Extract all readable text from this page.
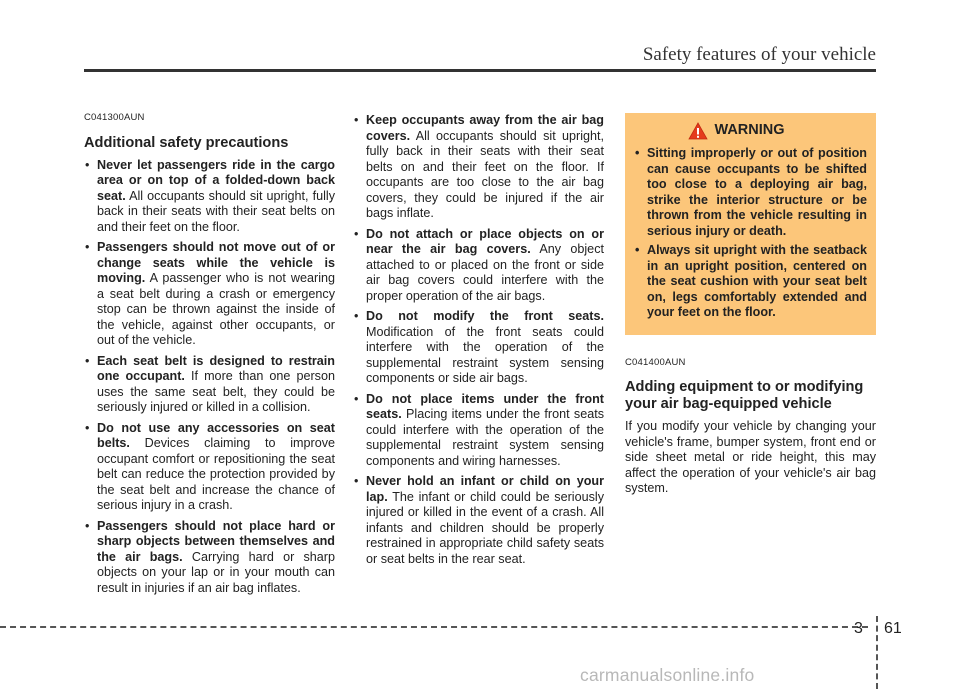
Safety features of your vehicle
C041300AUN
Additional safety precautions
• Never let passengers ride in the cargo area or on top of a folded-down back seat. All occupants should sit upright, fully back in their seats with their seat belts on and their feet on the floor.
• Passengers should not move out of or change seats while the vehicle is moving. A passenger who is not wearing a seat belt during a crash or emergency stop can be thrown against the inside of the vehicle, against other occupants, or out of the vehicle.
• Each seat belt is designed to restrain one occupant. If more than one person uses the same seat belt, they could be seriously injured or killed in a collision.
• Do not use any accessories on seat belts. Devices claiming to improve occupant comfort or repositioning the seat belt can reduce the protection provided by the seat belt and increase the chance of serious injury in a crash.
• Passengers should not place hard or sharp objects between themselves and the air bags. Carrying hard or sharp objects on your lap or in your mouth can result in injuries if an air bag inflates.
• Keep occupants away from the air bag covers. All occupants should sit upright, fully back in their seats with their seat belts on and their feet on the floor. If occupants are too close to the air bag covers, they could be injured if the air bags inflate.
• Do not attach or place objects on or near the air bag covers. Any object attached to or placed on the front or side air bag covers could interfere with the proper operation of the air bags.
• Do not modify the front seats. Modification of the front seats could interfere with the operation of the supplemental restraint system sensing components or side air bags.
• Do not place items under the front seats. Placing items under the front seats could interfere with the operation of the supplemental restraint system sensing components and wiring harnesses.
• Never hold an infant or child on your lap. The infant or child could be seriously injured or killed in the event of a crash. All infants and children should be properly restrained in appropriate child safety seats or seat belts in the rear seat.
WARNING
• Sitting improperly or out of position can cause occupants to be shifted too close to a deploying air bag, strike the interior structure or be thrown from the vehicle resulting in serious injury or death.
• Always sit upright with the seatback in an upright position, centered on the seat cushion with your seat belt on, legs comfortably extended and your feet on the floor.
C041400AUN
Adding equipment to or modifying your air bag-equipped vehicle
If you modify your vehicle by changing your vehicle's frame, bumper system, front end or side sheet metal or ride height, this may affect the operation of your vehicle's air bag system.
3 61
carmanualsonline.info
